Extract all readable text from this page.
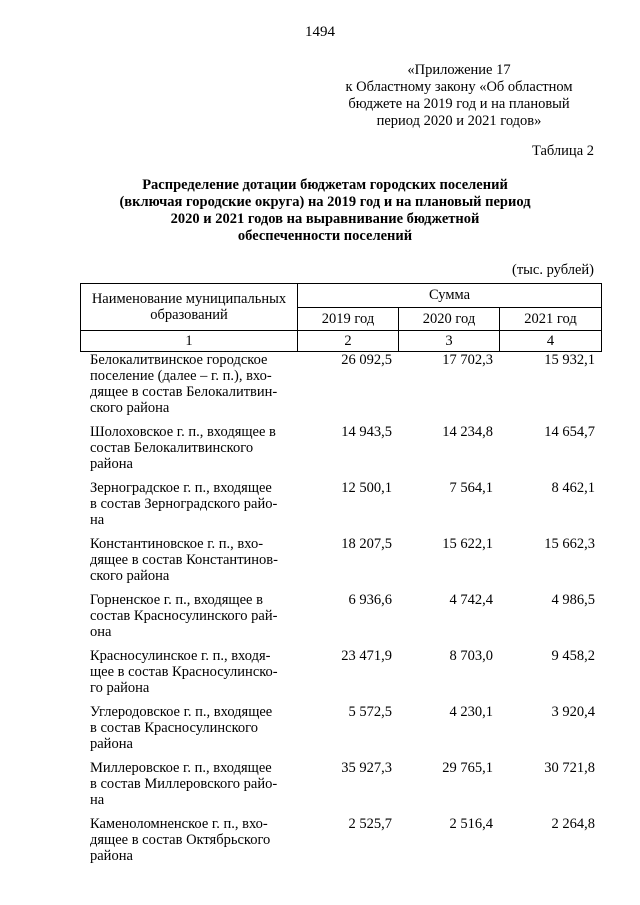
1494
«Приложение 17
к Областному закону «Об областном
бюджете на 2019 год и на плановый
период 2020 и 2021 годов»
Таблица 2
Распределение дотации бюджетам городских поселений
(включая городские округа) на 2019 год и на плановый период
2020 и 2021 годов на выравнивание бюджетной
обеспеченности поселений
(тыс. рублей)
Наименование муниципальных образований	Сумма		
	2019 год	2020 год	2021 год
1	2	3	4
Белокалитвинское городское
поселение (далее – г. п.), вхо-
дящее в состав Белокалитвин-
ского района	26 092,5	17 702,3	15 932,1

Шолоховское г. п., входящее в
состав Белокалитвинского
района	14 943,5	14 234,8	14 654,7

Зерноградское г. п., входящее
в состав Зерноградского райо-
на	12 500,1	7 564,1	8 462,1

Константиновское г. п., вхо-
дящее в состав Константинов-
ского района	18 207,5	15 622,1	15 662,3

Горненское г. п., входящее в
состав Красносулинского рай-
она	6 936,6	4 742,4	4 986,5

Красносулинское г. п., входя-
щее в состав Красносулинско-
го района	23 471,9	8 703,0	9 458,2

Углеродовское г. п., входящее
в состав Красносулинского
района	5 572,5	4 230,1	3 920,4

Миллеровское г. п., входящее
в состав Миллеровского райо-
на	35 927,3	29 765,1	30 721,8

Каменоломненское г. п., вхо-
дящее в состав Октябрьского
района	2 525,7	2 516,4	2 264,8
